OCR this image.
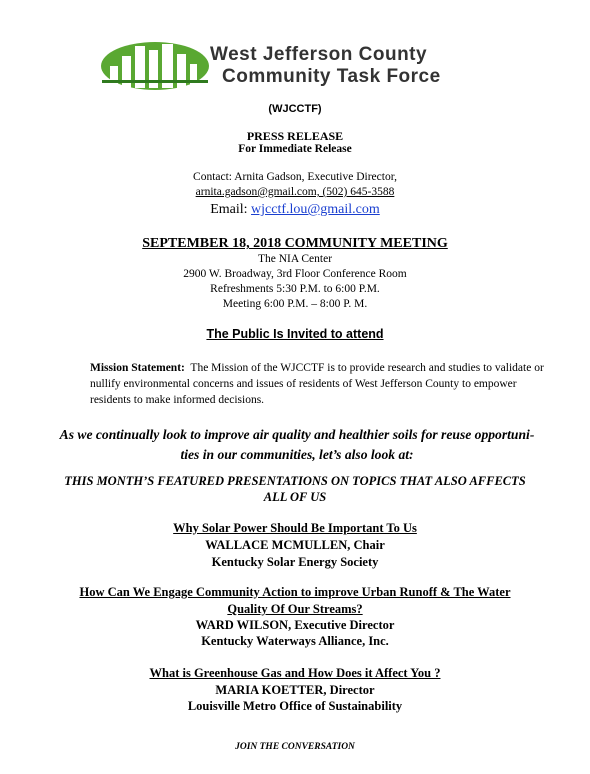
West Jefferson County
Community Task Force
(WJCCTF)
PRESS RELEASE
For Immediate Release
Contact: Arnita Gadson, Executive Director,
arnita.gadson@gmail.com, (502) 645-3588
Email: wjcctf.lou@gmail.com
SEPTEMBER 18, 2018 COMMUNITY MEETING
The NIA Center
2900 W. Broadway, 3rd Floor Conference Room
Refreshments 5:30 P.M. to 6:00 P.M.
Meeting 6:00 P.M. – 8:00 P. M.
The Public Is Invited to attend
Mission Statement: The Mission of the WJCCTF is to provide research and studies to validate or nullify environmental concerns and issues of residents of West Jefferson County to empower residents to make informed decisions.
As we continually look to improve air quality and healthier soils for reuse opportuni-
ties in our communities, let’s also look at:
THIS MONTH’S FEATURED PRESENTATIONS ON TOPICS THAT ALSO AFFECTS
ALL OF US
Why Solar Power Should Be Important To Us
WALLACE MCMULLEN, Chair
Kentucky Solar Energy Society
How Can We Engage Community Action to improve Urban Runoff & The Water
Quality Of Our Streams?
WARD WILSON, Executive Director
Kentucky Waterways Alliance, Inc.
What is Greenhouse Gas and How Does it Affect You ?
MARIA KOETTER, Director
Louisville Metro Office of Sustainability
JOIN THE CONVERSATION
